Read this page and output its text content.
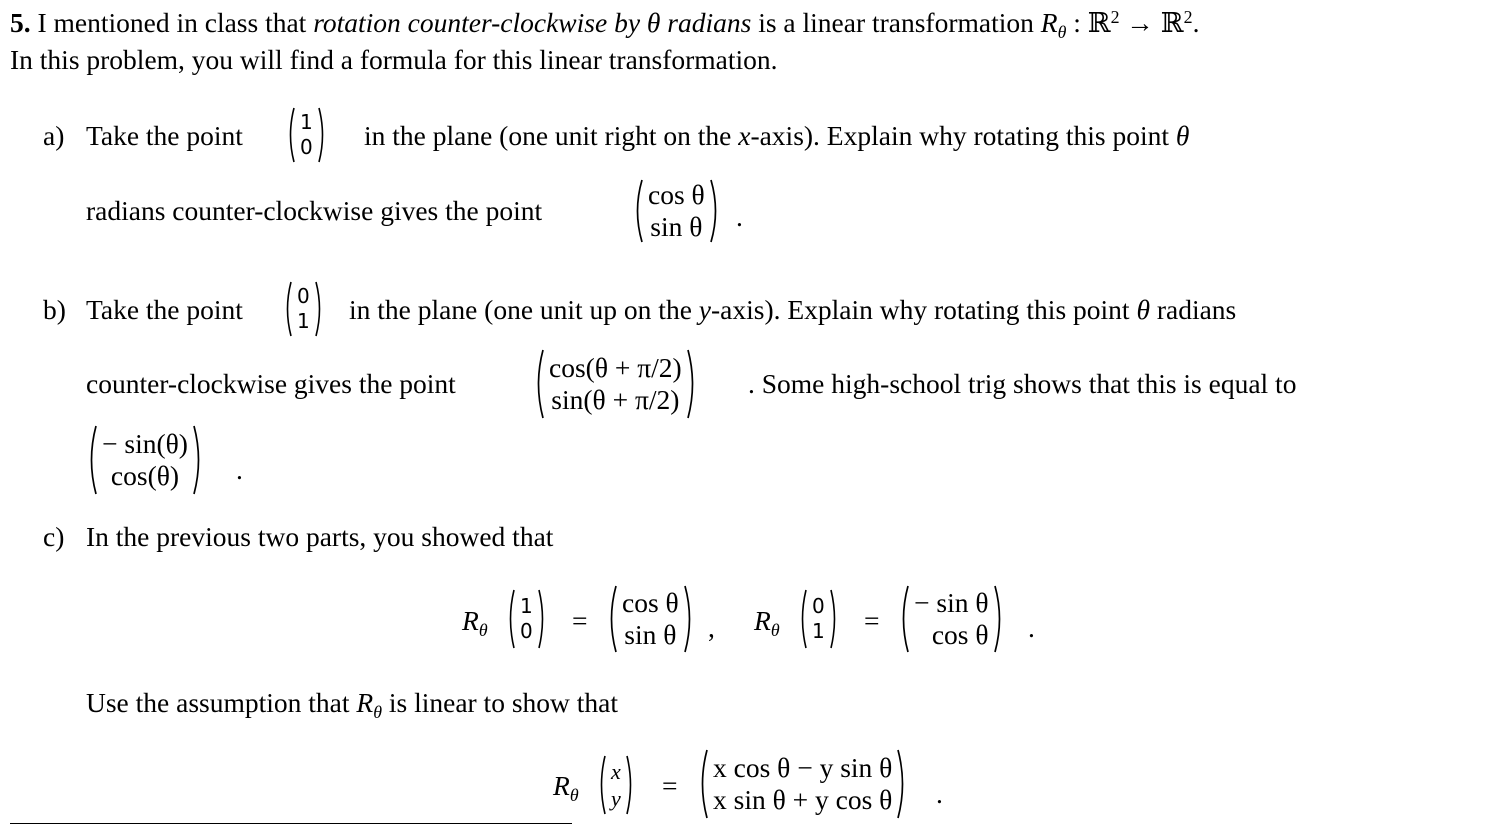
5. I mentioned in class that rotation counter-clockwise by θ radians is a linear transformation $R_\theta$ : ℝ$^2$ → ℝ$^2$.
In this problem, you will find a formula for this linear transformation.
a) Take the point	1
0 in the plane (one unit right on the x-axis). Explain why rotating this point θ
radians counter-clockwise gives the point
cos θ
sin θ .
b) Take the point	0
1 in the plane (one unit up on the y-axis). Explain why rotating this point θ radians
counter-clockwise gives the point
cos(θ + π/2)
sin(θ + π/2)
. Some high-school trig shows that this is equal to
− sin(θ)
cos(θ) .
c) In the previous two parts, you showed that
$R_\theta$
1
0 =
cos θ
sin θ , $R_\theta$
0
1 =
− sin θ
cos θ .
Use the assumption that $R_\theta$ is linear to show that
$R_\theta$
x
y =
x cos θ − y sin θ
x sin θ + y cos θ .
